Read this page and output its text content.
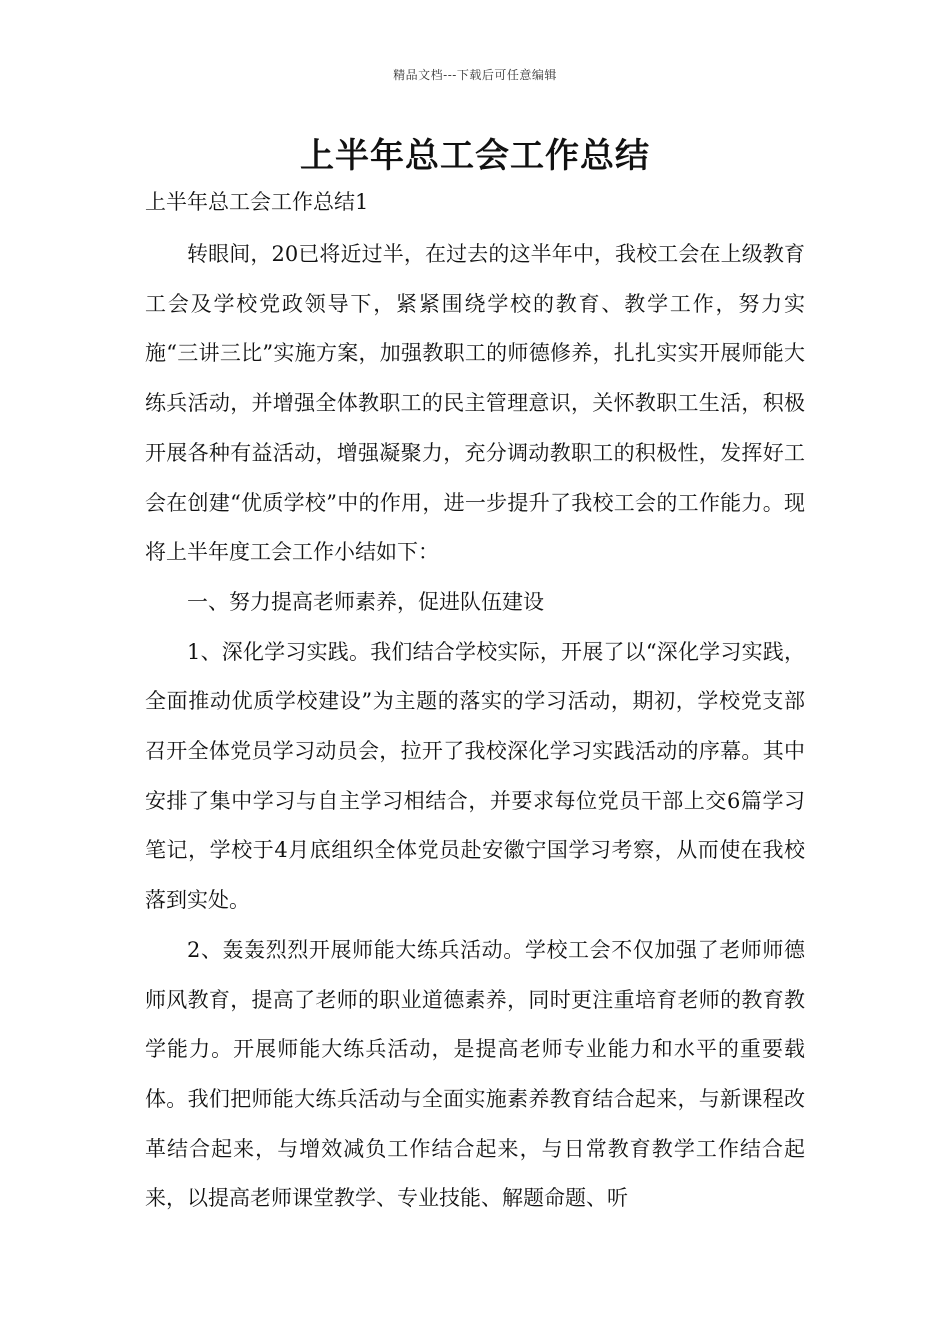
精品文档---下载后可任意编辑
上半年总工会工作总结
上半年总工会工作总结1

转眼间，20已将近过半，在过去的这半年中，我校工会在上级教育工会及学校党政领导下，紧紧围绕学校的教育、教学工作，努力实施“三讲三比”实施方案，加强教职工的师德修养，扎扎实实开展师能大练兵活动，并增强全体教职工的民主管理意识，关怀教职工生活，积极开展各种有益活动，增强凝聚力，充分调动教职工的积极性，发挥好工会在创建“优质学校”中的作用，进一步提升了我校工会的工作能力。现将上半年度工会工作小结如下：

一、努力提高老师素养，促进队伍建设

1、深化学习实践。我们结合学校实际，开展了以“深化学习实践，全面推动优质学校建设”为主题的落实的学习活动，期初，学校党支部召开全体党员学习动员会，拉开了我校深化学习实践活动的序幕。其中安排了集中学习与自主学习相结合，并要求每位党员干部上交6篇学习笔记，学校于4月底组织全体党员赴安徽宁国学习考察，从而使在我校落到实处。

2、轰轰烈烈开展师能大练兵活动。学校工会不仅加强了老师师德师风教育，提高了老师的职业道德素养，同时更注重培育老师的教育教学能力。开展师能大练兵活动，是提高老师专业能力和水平的重要载体。我们把师能大练兵活动与全面实施素养教育结合起来，与新课程改革结合起来，与增效减负工作结合起来，与日常教育教学工作结合起来，以提高老师课堂教学、专业技能、解题命题、听
